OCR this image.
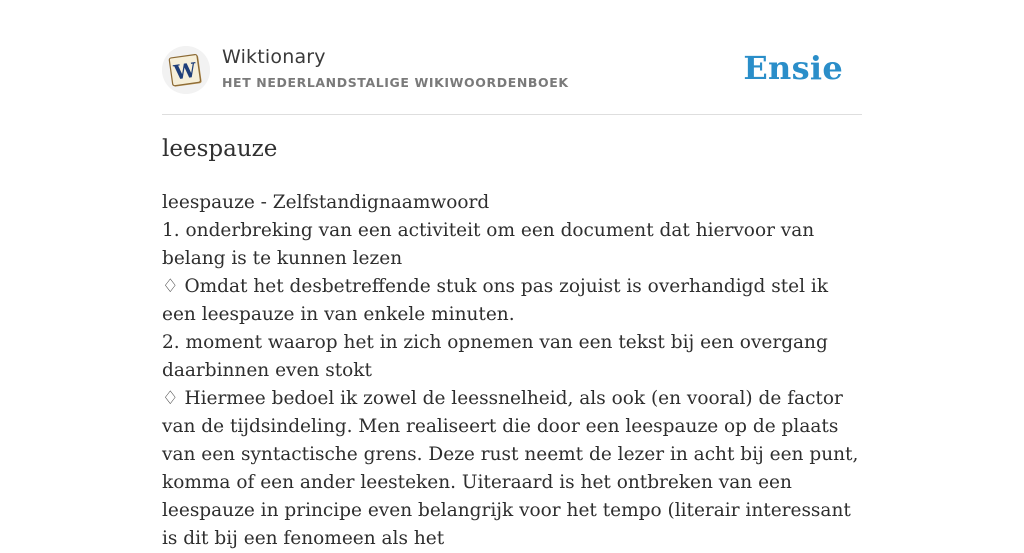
W
Wiktionary
HET NEDERLANDSTALIGE WIKIWOORDENBOEK	Ensie
leespauze

leespauze - Zelfstandignaamwoord

1. onderbreking van een activiteit om een document dat hiervoor van belang is te kunnen lezen

♢ Omdat het desbetreffende stuk ons pas zojuist is overhandigd stel ik een leespauze in van enkele minuten.

2. moment waarop het in zich opnemen van een tekst bij een overgang daarbinnen even stokt

♢ Hiermee bedoel ik zowel de leessnelheid, als ook (en vooral) de factor van de tijdsindeling. Men realiseert die door een leespauze op de plaats van een syntactische grens. Deze rust neemt de lezer in acht bij een punt, komma of een ander leesteken. Uiteraard is het ontbreken van een leespauze in principe even belangrijk voor het tempo (literair interessant is dit bij een fenomeen als het
